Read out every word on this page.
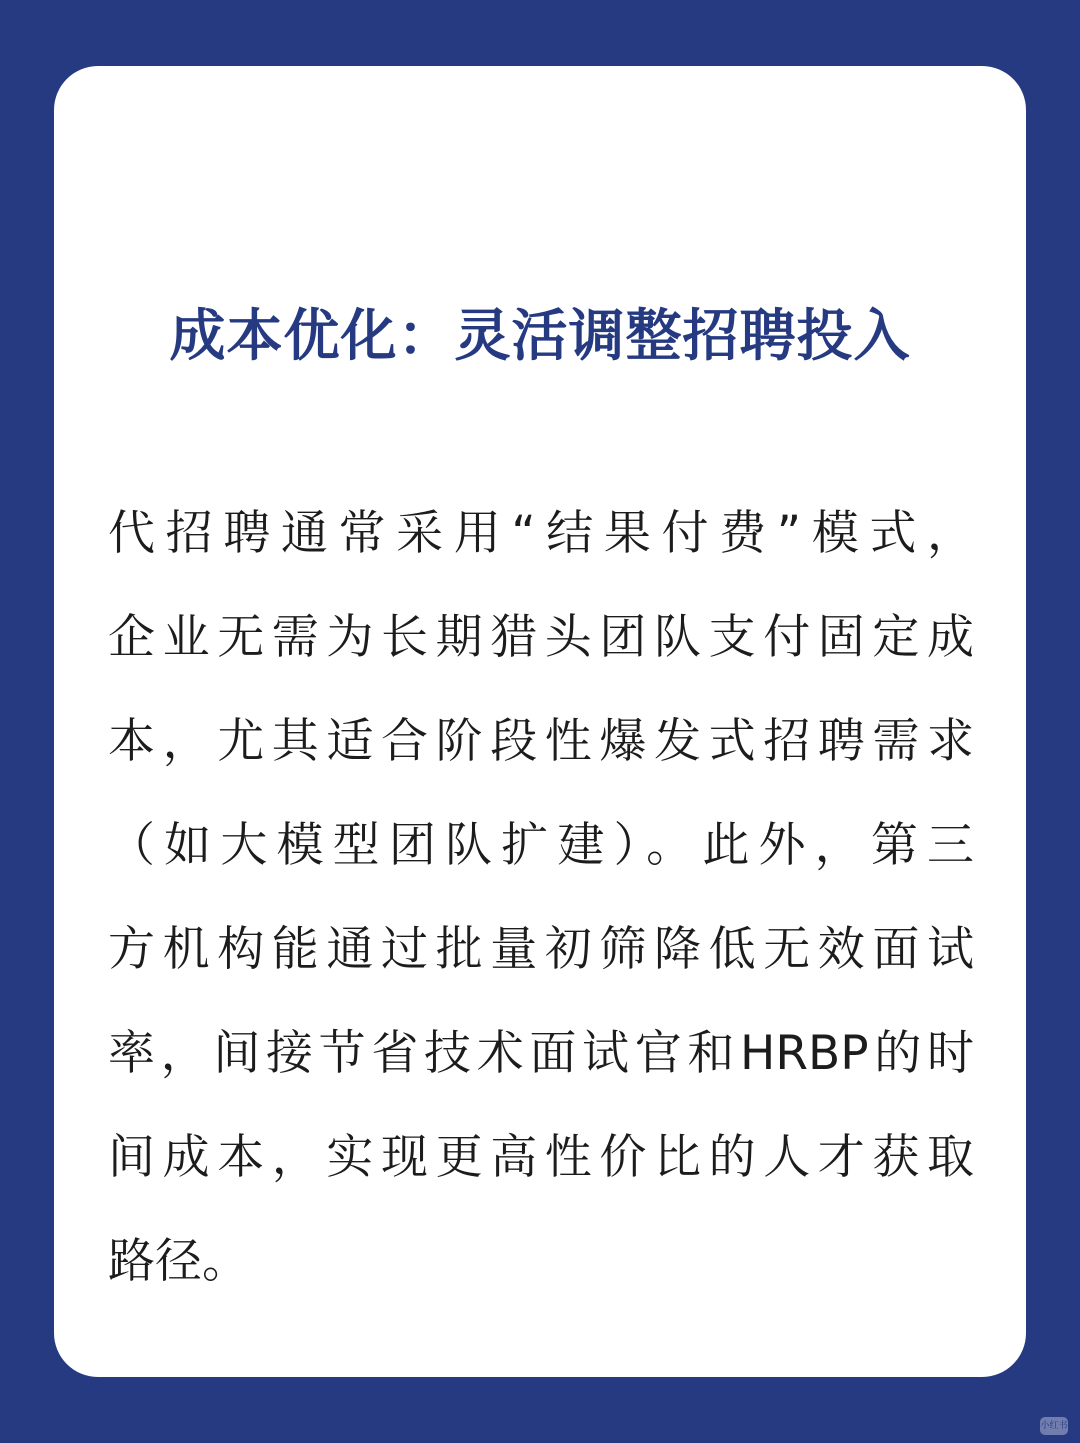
成本优化：灵活调整招聘投入
代招聘通常采用“结果付费”模式，
企业无需为长期猎头团队支付固定成
本，尤其适合阶段性爆发式招聘需求
（如大模型团队扩建）。此外，第三
方机构能通过批量初筛降低无效面试
率，间接节省技术面试官和HRBP的时
间成本，实现更高性价比的人才获取
路径。
小红书
